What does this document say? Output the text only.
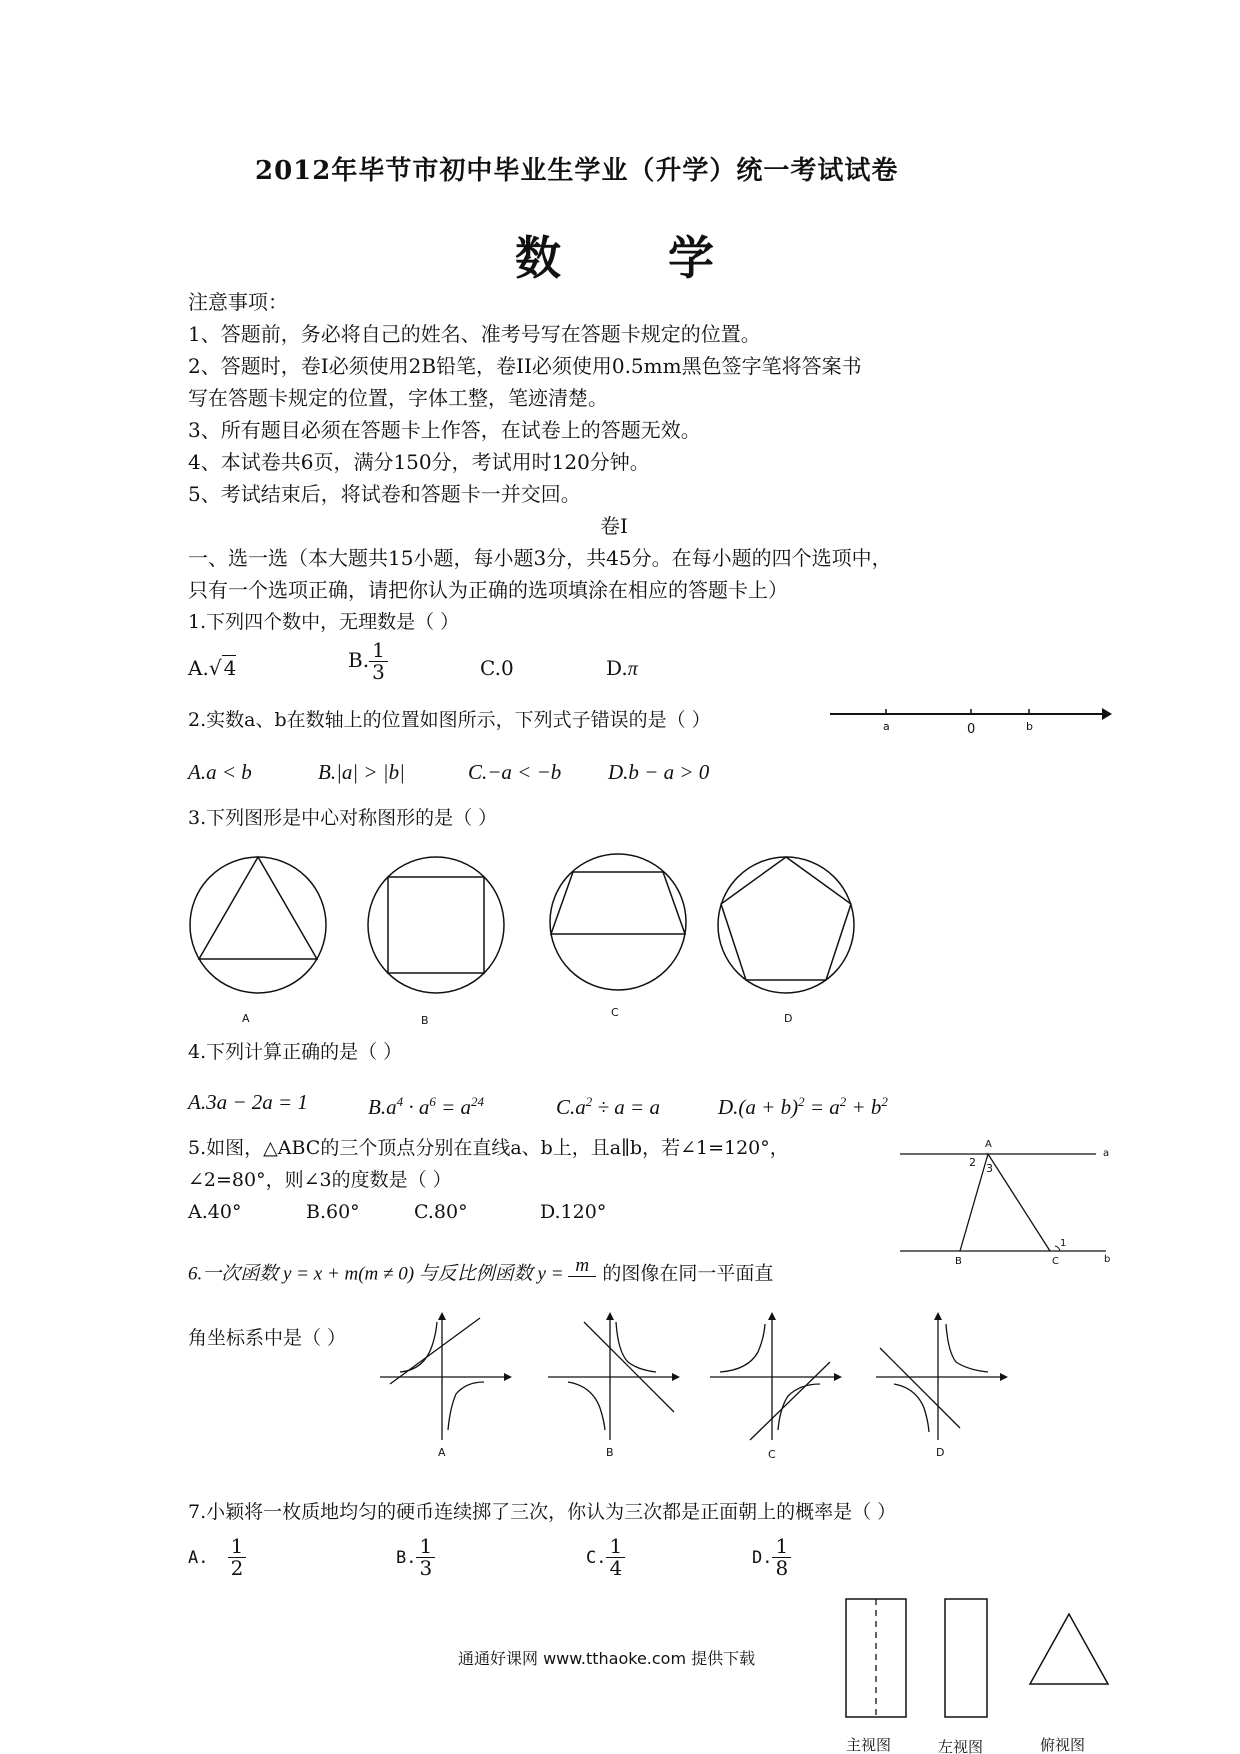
2012年毕节市初中毕业生学业（升学）统一考试试卷
数 学
注意事项：
1、答题前，务必将自己的姓名、准考号写在答题卡规定的位置。
2、答题时，卷I必须使用2B铅笔，卷II必须使用0.5mm黑色签字笔将答案书
写在答题卡规定的位置，字体工整，笔迹清楚。
3、所有题目必须在答题卡上作答，在试卷上的答题无效。
4、本试卷共6页，满分150分，考试用时120分钟。
5、考试结束后，将试卷和答题卡一并交回。
卷I
一、选一选（本大题共15小题，每小题3分，共45分。在每小题的四个选项中，
只有一个选项正确，请把你认为正确的选项填涂在相应的答题卡上）
1.下列四个数中，无理数是（ ）
A.√ 4	B. $\frac{1}{3}$	C.0	D.π
2.实数a、b在数轴上的位置如图所示，下列式子错误的是（ ）	a	0	b
A.a < b	B.|a| > |b|	C.−a < −b D.b − a > 0
3.下列图形是中心对称图形的是（ ）
A	B
C	D
4.下列计算正确的是（ ）
A.3a − 2a = 1	$B.a^4 \cdot a^6 = a^{24}$	$C.a^2 \div a = a$	$D.(a + b)^2 = a^2 + b^2$
5.如图，△ABC的三个顶点分别在直线a、b上，且a∥b，若∠1=120°，
∠2=80°，则∠3的度数是（ ）
A.40°	B.60°	C.80°	D.120°
A
2 3
a
1
b
B	C
6.一次函数 y = x + m(m ≠ 0) 与反比例函数 y = m 的图像在同一平面直
角坐标系中是（ ）
A	B	C	D
7.小颖将一枚质地均匀的硬币连续掷了三次，你认为三次都是正面朝上的概率是（ ）
A. $\frac{1}{2}$	B. $\frac{1}{3}$	C. $\frac{1}{4}$	D. $\frac{1}{8}$
主视图	左视图	俯视图
通通好课网 www.tthaoke.com 提供下载
